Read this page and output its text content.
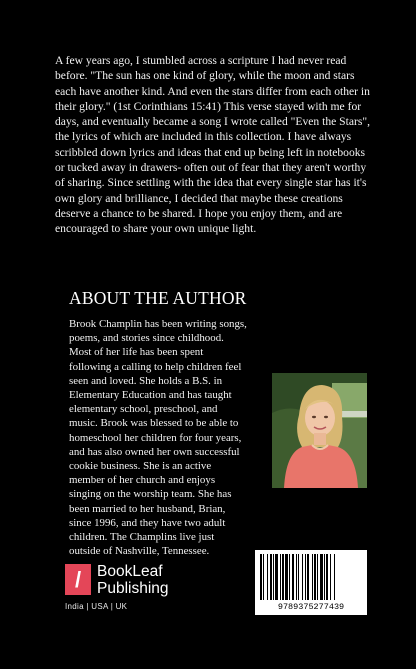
A few years ago, I stumbled across a scripture I had never read before. "The sun has one kind of glory, while the moon and stars each have another kind. And even the stars differ from each other in their glory." (1st Corinthians 15:41) This verse stayed with me for days, and eventually became a song I wrote called "Even the Stars", the lyrics of which are included in this collection. I have always scribbled down lyrics and ideas that end up being left in notebooks or tucked away in drawers- often out of fear that they aren't worthy of sharing. Since settling with the idea that every single star has it's own glory and brilliance, I decided that maybe these creations deserve a chance to be shared. I hope you enjoy them, and are encouraged to share your own unique light.

ABOUT THE AUTHOR

Brook Champlin has been writing songs, poems, and stories since childhood. Most of her life has been spent following a calling to help children feel seen and loved. She holds a B.S. in Elementary Education and has taught elementary school, preschool, and music. Brook was blessed to be able to homeschool her children for four years, and has also owned her own successful cookie business. She is an active member of her church and enjoys singing on the worship team. She has been married to her husband, Brian, since 1996, and they have two adult children. The Champlins live just outside of Nashville, Tennessee.

/	BookLeaf
Publishing
India | USA | UK	9789375277439
